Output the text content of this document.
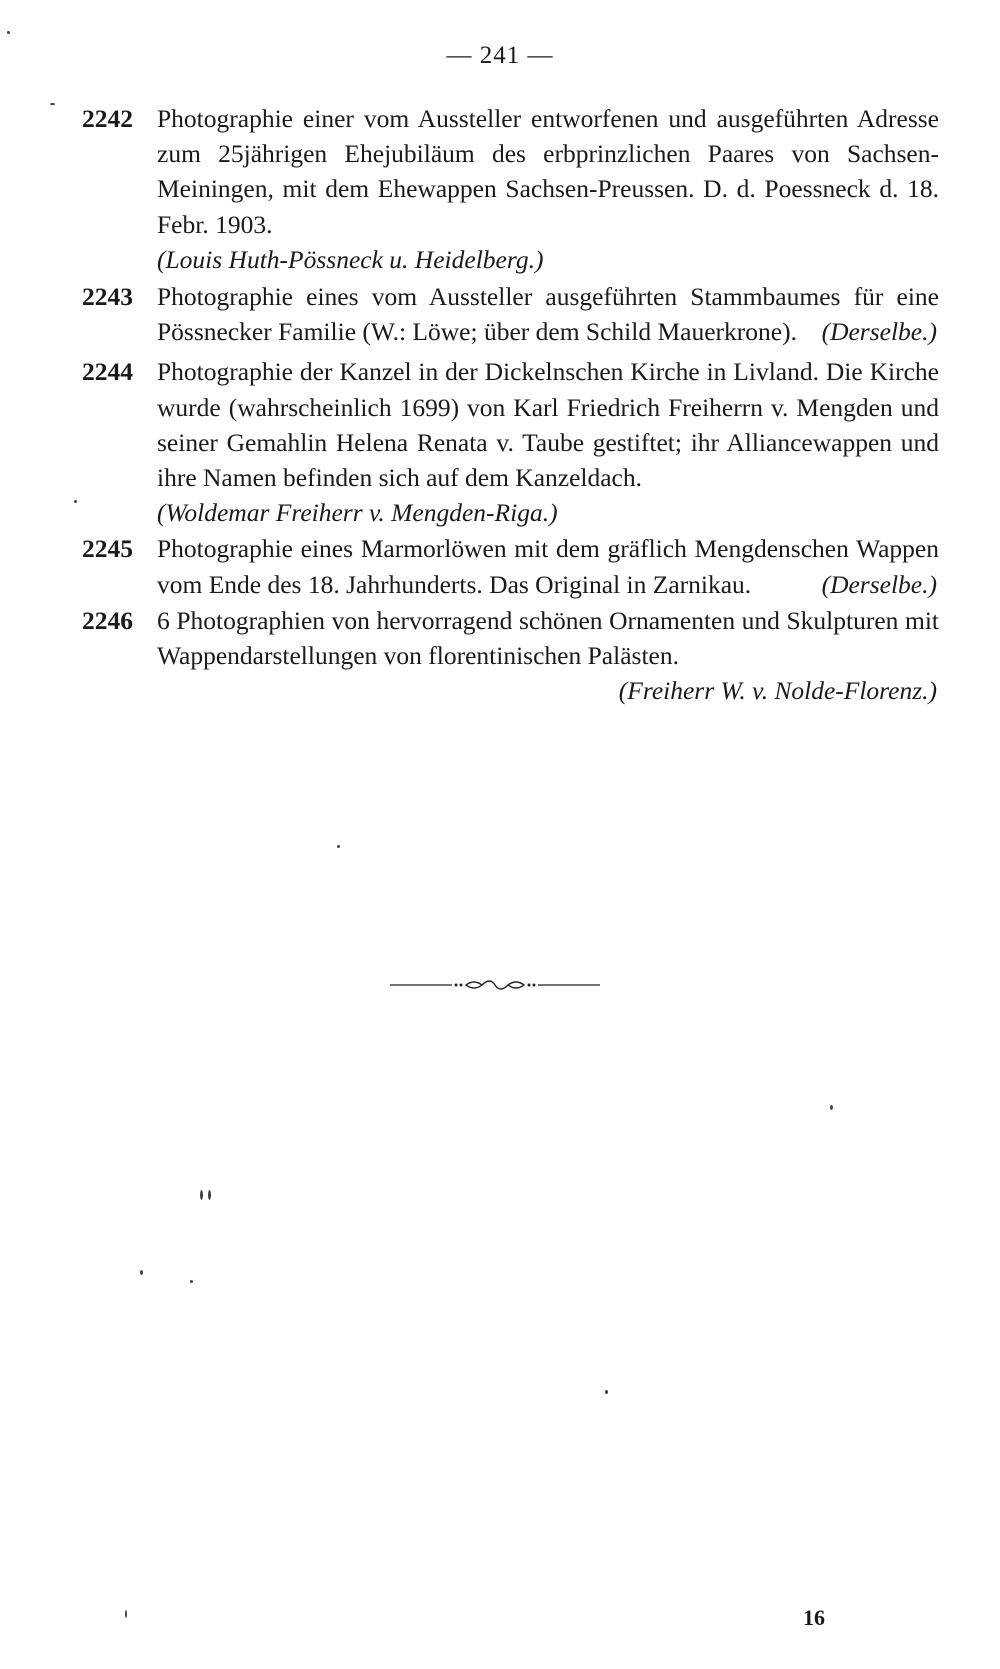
— 241 —
2242 Photographie einer vom Aussteller entworfenen und ausgeführten Adresse zum 25jährigen Ehejubiläum des erbprinzlichen Paares von Sachsen-Meiningen, mit dem Ehewappen Sachsen-Preussen. D. d. Poessneck d. 18. Febr. 1903.
(Louis Huth-Pössneck u. Heidelberg.)
2243 Photographie eines vom Aussteller ausgeführten Stammbaumes für eine Pössnecker Familie (W.: Löwe; über dem Schild Mauerkrone). (Derselbe.)
2244 Photographie der Kanzel in der Dickelnschen Kirche in Livland. Die Kirche wurde (wahrscheinlich 1699) von Karl Friedrich Freiherrn v. Mengden und seiner Gemahlin Helena Renata v. Taube gestiftet; ihr Alliancewappen und ihre Namen befinden sich auf dem Kanzeldach.
(Woldemar Freiherr v. Mengden-Riga.)
2245 Photographie eines Marmorlöwen mit dem gräflich Mengdenschen Wappen vom Ende des 18. Jahrhunderts. Das Original in Zarnikau.	(Derselbe.)
2246 6 Photographien von hervorragend schönen Ornamenten und Skulpturen mit Wappendarstellungen von florentinischen Palästen.
(Freiherr W. v. Nolde-Florenz.)
16
